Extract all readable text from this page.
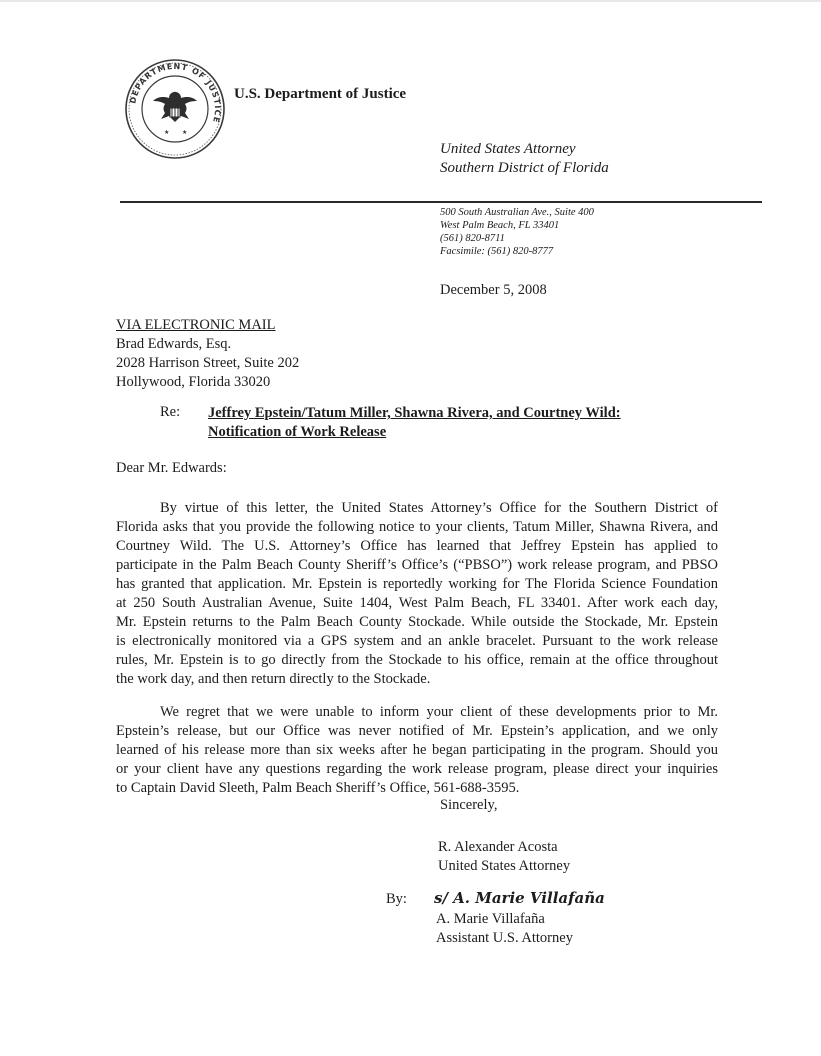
DEPARTMENT OF JUSTICE
★ ★
U.S. Department of Justice
United States Attorney
Southern District of Florida
500 South Australian Ave., Suite 400
West Palm Beach, FL 33401
(561) 820-8711
Facsimile: (561) 820-8777
December 5, 2008
VIA ELECTRONIC MAIL
Brad Edwards, Esq.
2028 Harrison Street, Suite 202
Hollywood, Florida 33020
Re: Jeffrey Epstein/Tatum Miller, Shawna Rivera, and Courtney Wild:
Notification of Work Release
Dear Mr. Edwards:
By virtue of this letter, the United States Attorney’s Office for the Southern District of
Florida asks that you provide the following notice to your clients, Tatum Miller, Shawna Rivera, and
Courtney Wild. The U.S. Attorney’s Office has learned that Jeffrey Epstein has applied to
participate in the Palm Beach County Sheriff’s Office’s (“PBSO”) work release program, and PBSO
has granted that application. Mr. Epstein is reportedly working for The Florida Science Foundation
at 250 South Australian Avenue, Suite 1404, West Palm Beach, FL 33401. After work each day,
Mr. Epstein returns to the Palm Beach County Stockade. While outside the Stockade, Mr. Epstein
is electronically monitored via a GPS system and an ankle bracelet. Pursuant to the work release
rules, Mr. Epstein is to go directly from the Stockade to his office, remain at the office throughout
the work day, and then return directly to the Stockade.
We regret that we were unable to inform your client of these developments prior to Mr.
Epstein’s release, but our Office was never notified of Mr. Epstein’s application, and we only
learned of his release more than six weeks after he began participating in the program. Should you
or your client have any questions regarding the work release program, please direct your inquiries
to Captain David Sleeth, Palm Beach Sheriff’s Office, 561-688-3595.
Sincerely,
R. Alexander Acosta
United States Attorney
By: s/ A. Marie Villafaña
A. Marie Villafaña
Assistant U.S. Attorney
